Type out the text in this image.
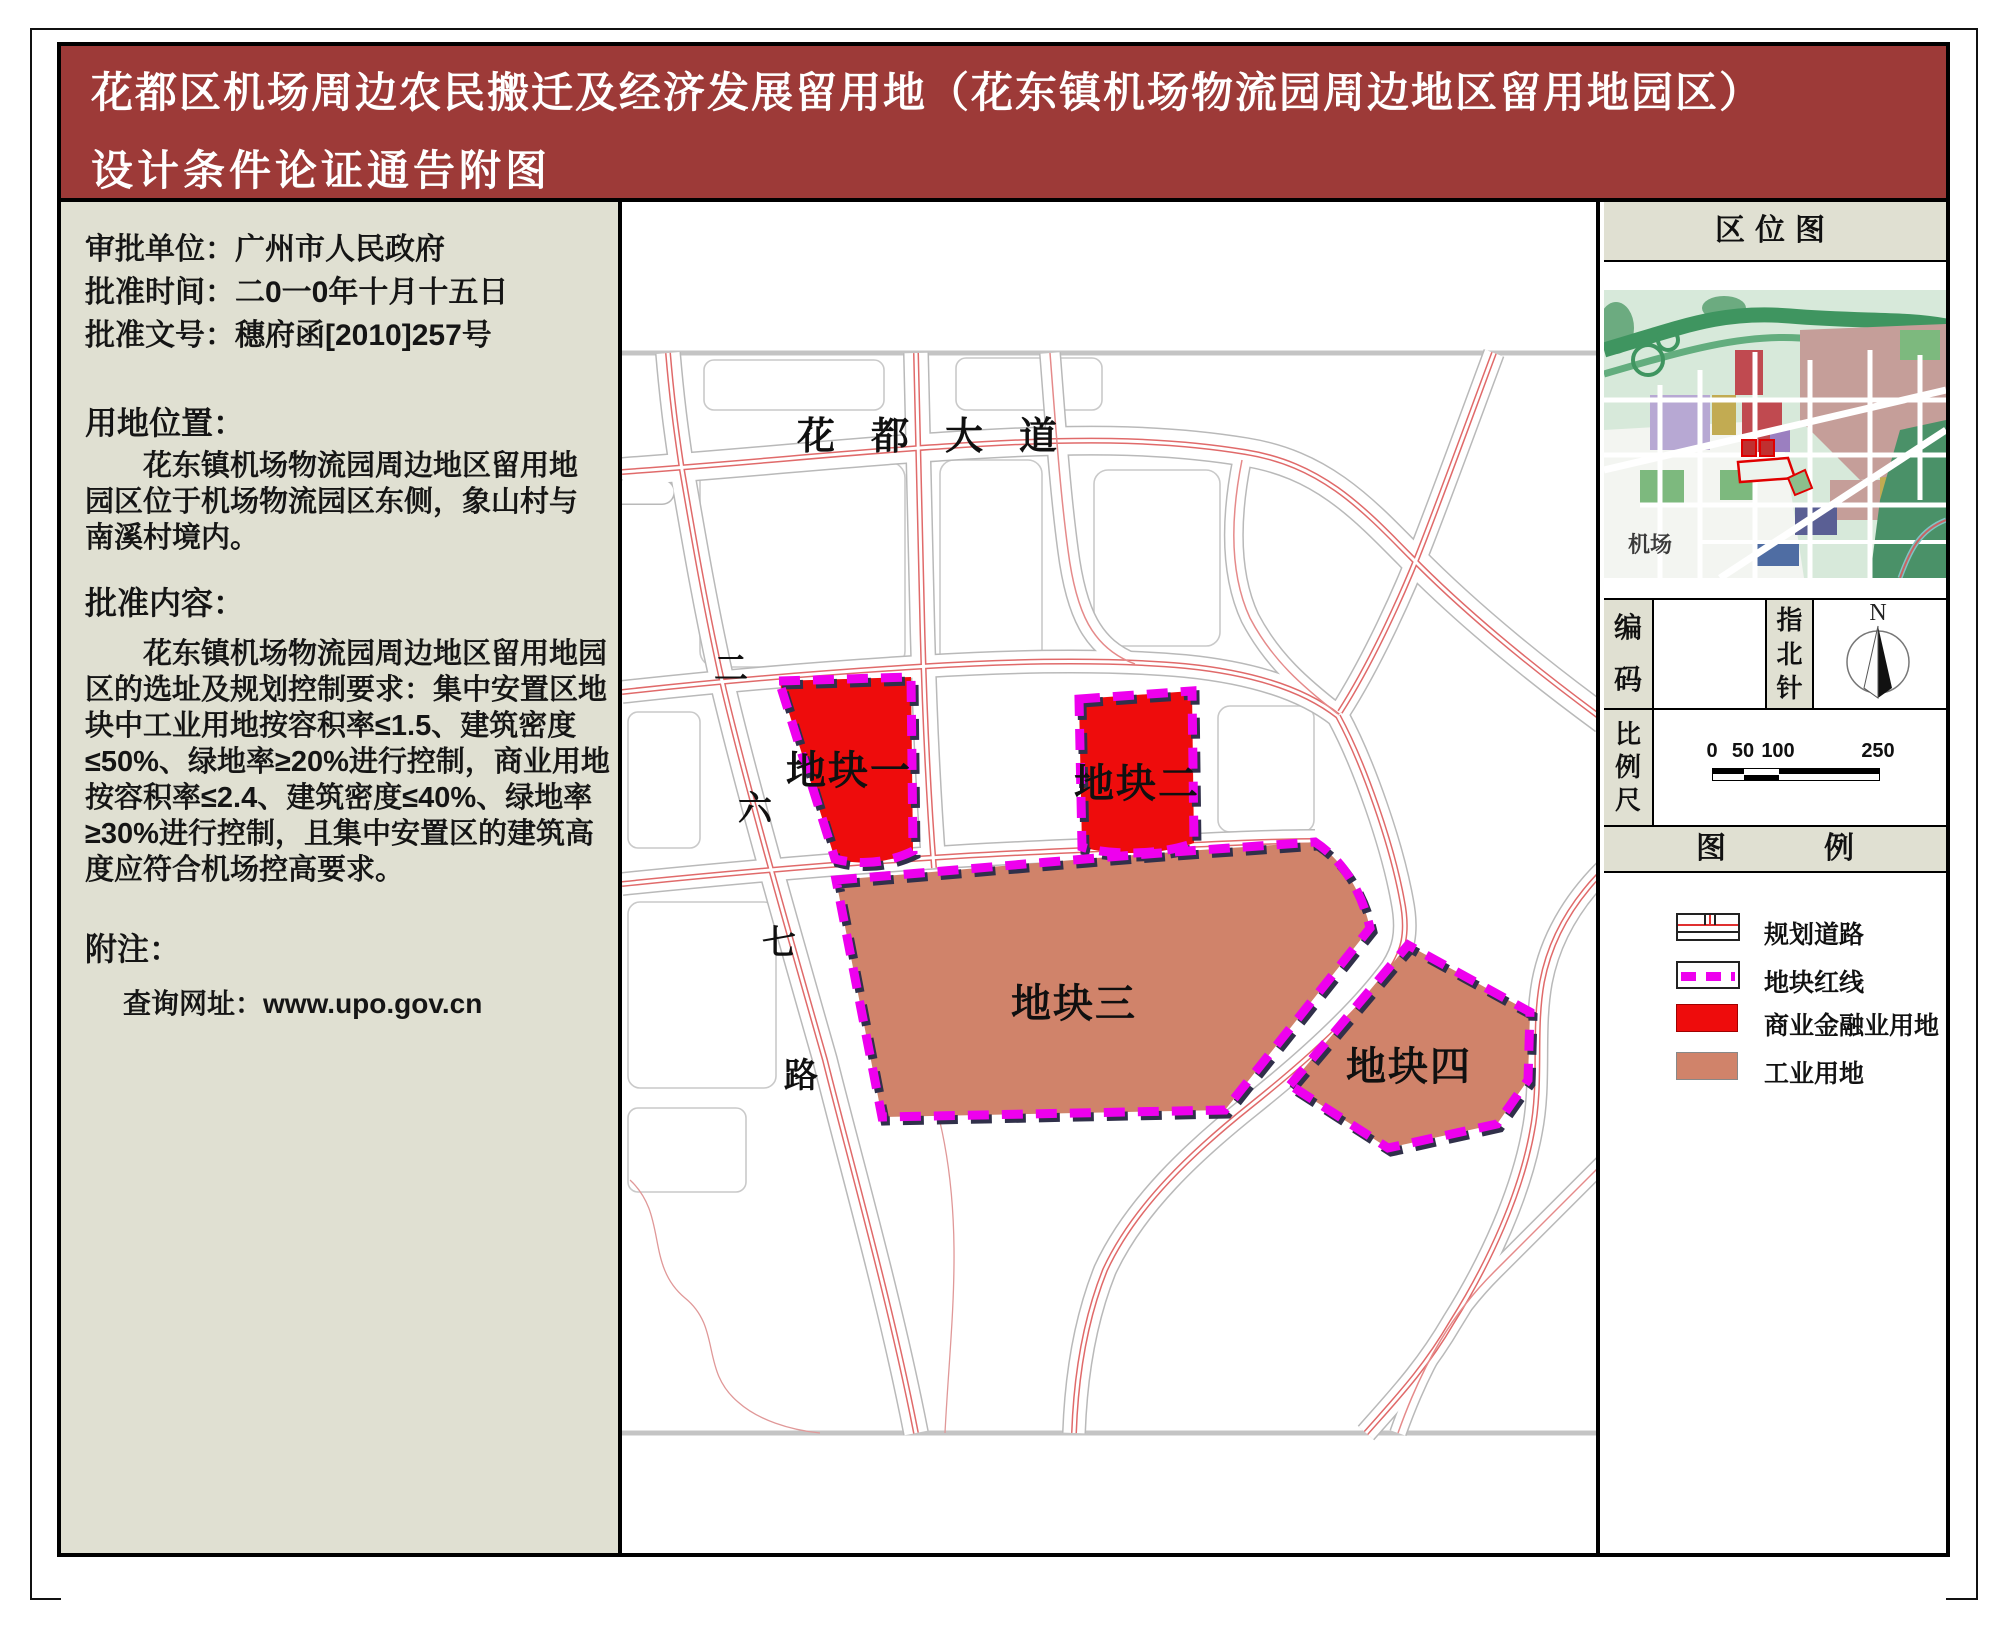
花都区机场周边农民搬迁及经济发展留用地（花东镇机场物流园周边地区留用地园区）
设计条件论证通告附图
审批单位：广州市人民政府
批准时间：二0一0年十月十五日
批准文号：穗府函[2010]257号
用地位置：
　　花东镇机场物流园周边地区留用地
园区位于机场物流园区东侧，象山村与
南溪村境内。
批准内容：
　　花东镇机场物流园周边地区留用地园
区的选址及规划控制要求：集中安置区地
块中工业用地按容积率≤1.5、建筑密度
≤50%、绿地率≥20%进行控制，商业用地
按容积率≤2.4、建筑密度≤40%、绿地率
≥30%进行控制，且集中安置区的建筑高
度应符合机场控高要求。
附注：
查询网址：www.upo.gov.cn
花都大道
二
六
七
路
地块一	地块二
地块三
地块四
区位图
机场
编码
指北针
N
比例尺
0 50 100	250
图　例
规划道路
地块红线
商业金融业用地
工业用地
